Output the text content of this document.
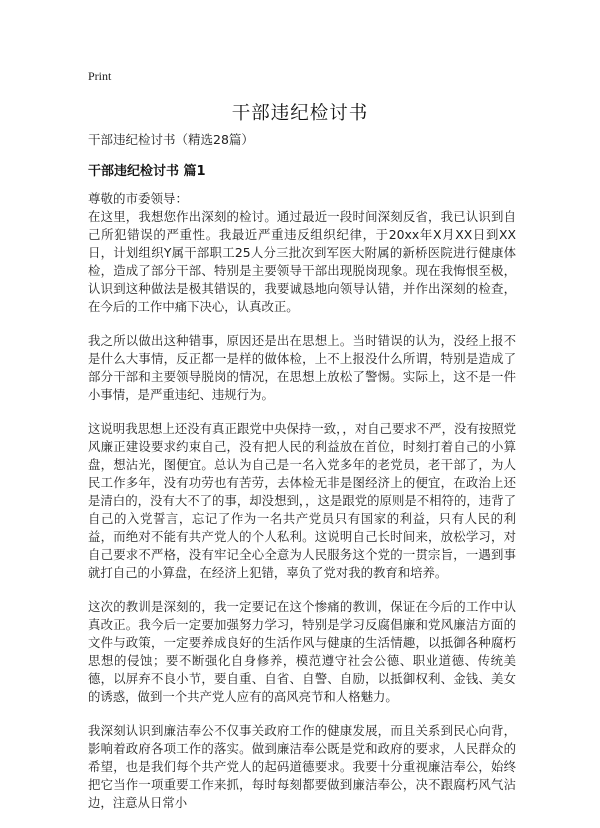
Print
干部违纪检讨书
干部违纪检讨书（精选28篇）
干部违纪检讨书 篇1
尊敬的市委领导：

在这里，我想您作出深刻的检讨。通过最近一段时间深刻反省，我已认识到自己所犯错误的严重性。我最近严重违反组织纪律，于20xx年X月XX日到XX日，计划组织Y属干部职工25人分三批次到军医大附属的新桥医院进行健康体检，造成了部分干部、特别是主要领导干部出现脱岗现象。现在我悔恨至极，认识到这种做法是极其错误的，我要诚恳地向领导认错，并作出深刻的检查，在今后的工作中痛下决心，认真改正。

我之所以做出这种错事，原因还是出在思想上。当时错误的认为，没经上报不是什么大事情，反正都一是样的做体检，上不上报没什么所谓，特别是造成了部分干部和主要领导脱岗的情况，在思想上放松了警惕。实际上，这不是一件小事情，是严重违纪、违规行为。

这说明我思想上还没有真正跟党中央保持一致，，对自己要求不严，没有按照党风廉正建设要求约束自己，没有把人民的利益放在首位，时刻打着自己的小算盘，想沾光，图便宜。总认为自己是一名入党多年的老党员，老干部了，为人民工作多年，没有功劳也有苦劳，去体检无非是图经济上的便宜，在政治上还是清白的，没有大不了的事，却没想到，，这是跟党的原则是不相符的，违背了自己的入党誓言，忘记了作为一名共产党员只有国家的利益，只有人民的利益，而绝对不能有共产党人的个人私利。这说明自己长时间来，放松学习，对自己要求不严格，没有牢记全心全意为人民服务这个党的一贯宗旨，一遇到事就打自己的小算盘，在经济上犯错，辜负了党对我的教育和培养。

这次的教训是深刻的，我一定要记在这个惨痛的教训，保证在今后的工作中认真改正。我今后一定要加强努力学习，特别是学习反腐倡廉和党风廉洁方面的文件与政策，一定要养成良好的生活作风与健康的生活情趣，以抵御各种腐朽思想的侵蚀；要不断强化自身修养，模范遵守社会公德、职业道德、传统美德，以屏弃不良小节，要自重、自省、自警、自励，以抵御权利、金钱、美女的诱惑，做到一个共产党人应有的高风亮节和人格魅力。

我深刻认识到廉洁奉公不仅事关政府工作的健康发展，而且关系到民心向背，影响着政府各项工作的落实。做到廉洁奉公既是党和政府的要求，人民群众的希望，也是我们每个共产党人的起码道德要求。我要十分重视廉洁奉公，始终把它当作一项重要工作来抓，每时每刻都要做到廉洁奉公，决不跟腐朽风气沾边，注意从日常小
